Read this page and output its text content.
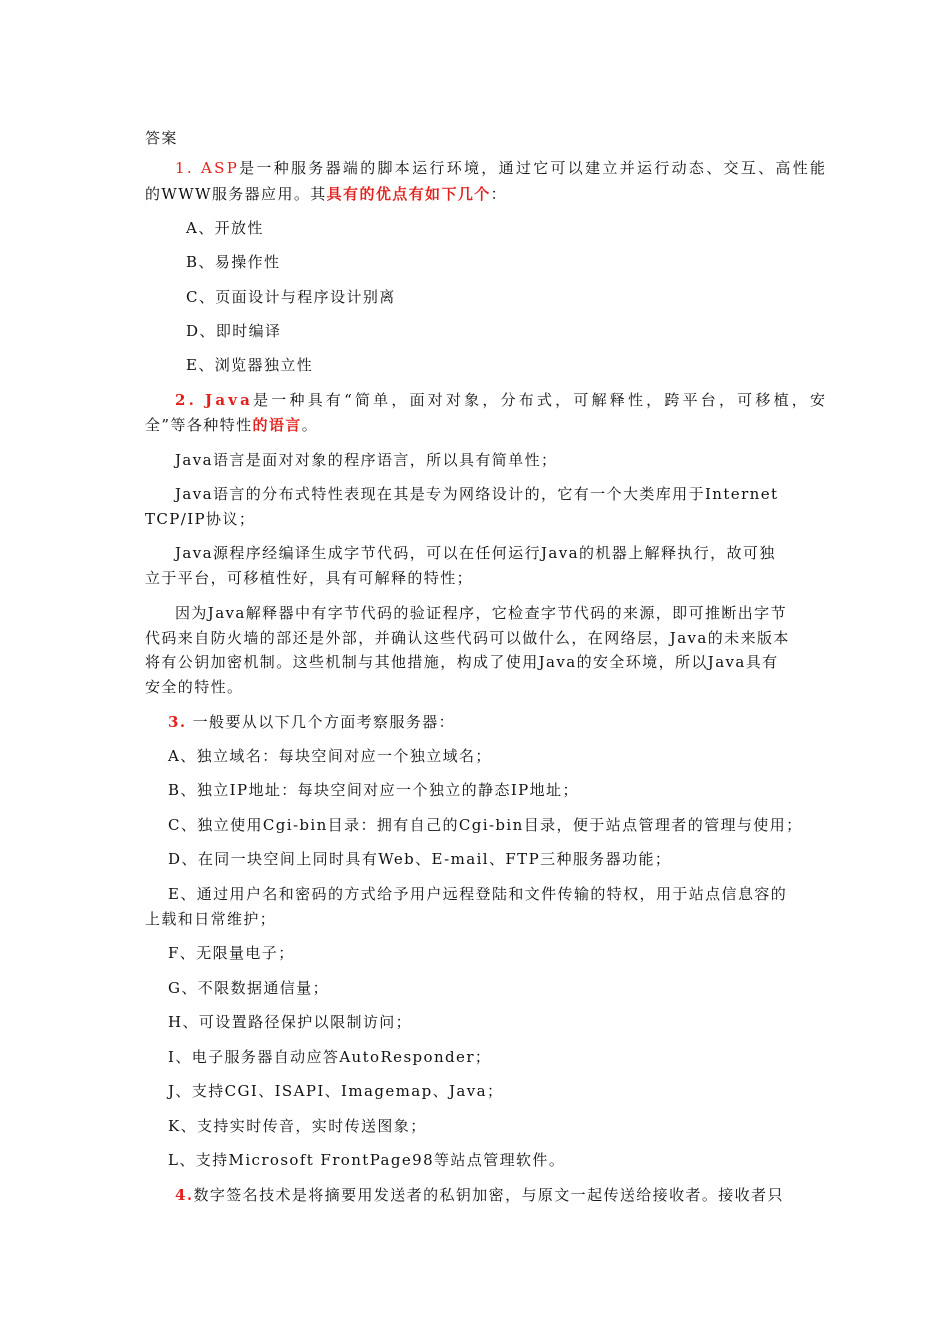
答案
1. ASP是一种服务器端的脚本运行环境，通过它可以建立并运行动态、交互、高性能
的WWW服务器应用。其具有的优点有如下几个：
A、开放性
B、易操作性
C、页面设计与程序设计别离
D、即时编译
E、浏览器独立性
2. Java是一种具有“简单，面对对象，分布式，可解释性，跨平台，可移植，安
全”等各种特性的语言。
Java语言是面对对象的程序语言，所以具有简单性；
Java语言的分布式特性表现在其是专为网络设计的，它有一个大类库用于Internet
TCP/IP协议；
Java源程序经编译生成字节代码，可以在任何运行Java的机器上解释执行，故可独
立于平台，可移植性好，具有可解释的特性；
因为Java解释器中有字节代码的验证程序，它检查字节代码的来源，即可推断出字节
代码来自防火墙的部还是外部，并确认这些代码可以做什么，在网络层，Java的未来版本
将有公钥加密机制。这些机制与其他措施，构成了使用Java的安全环境，所以Java具有
安全的特性。
3. 一般要从以下几个方面考察服务器：
A、独立域名：每块空间对应一个独立域名；
B、独立IP地址：每块空间对应一个独立的静态IP地址；
C、独立使用Cgi-bin目录：拥有自己的Cgi-bin目录，便于站点管理者的管理与使用；
D、在同一块空间上同时具有Web、E-mail、FTP三种服务器功能；
E、通过用户名和密码的方式给予用户远程登陆和文件传输的特权，用于站点信息容的
上载和日常维护；
F、无限量电子；
G、不限数据通信量；
H、可设置路径保护以限制访问；
I、电子服务器自动应答AutoResponder；
J、支持CGI、ISAPI、Imagemap、Java；
K、支持实时传音，实时传送图象；
L、支持Microsoft FrontPage98等站点管理软件。
4.数字签名技术是将摘要用发送者的私钥加密，与原文一起传送给接收者。接收者只
